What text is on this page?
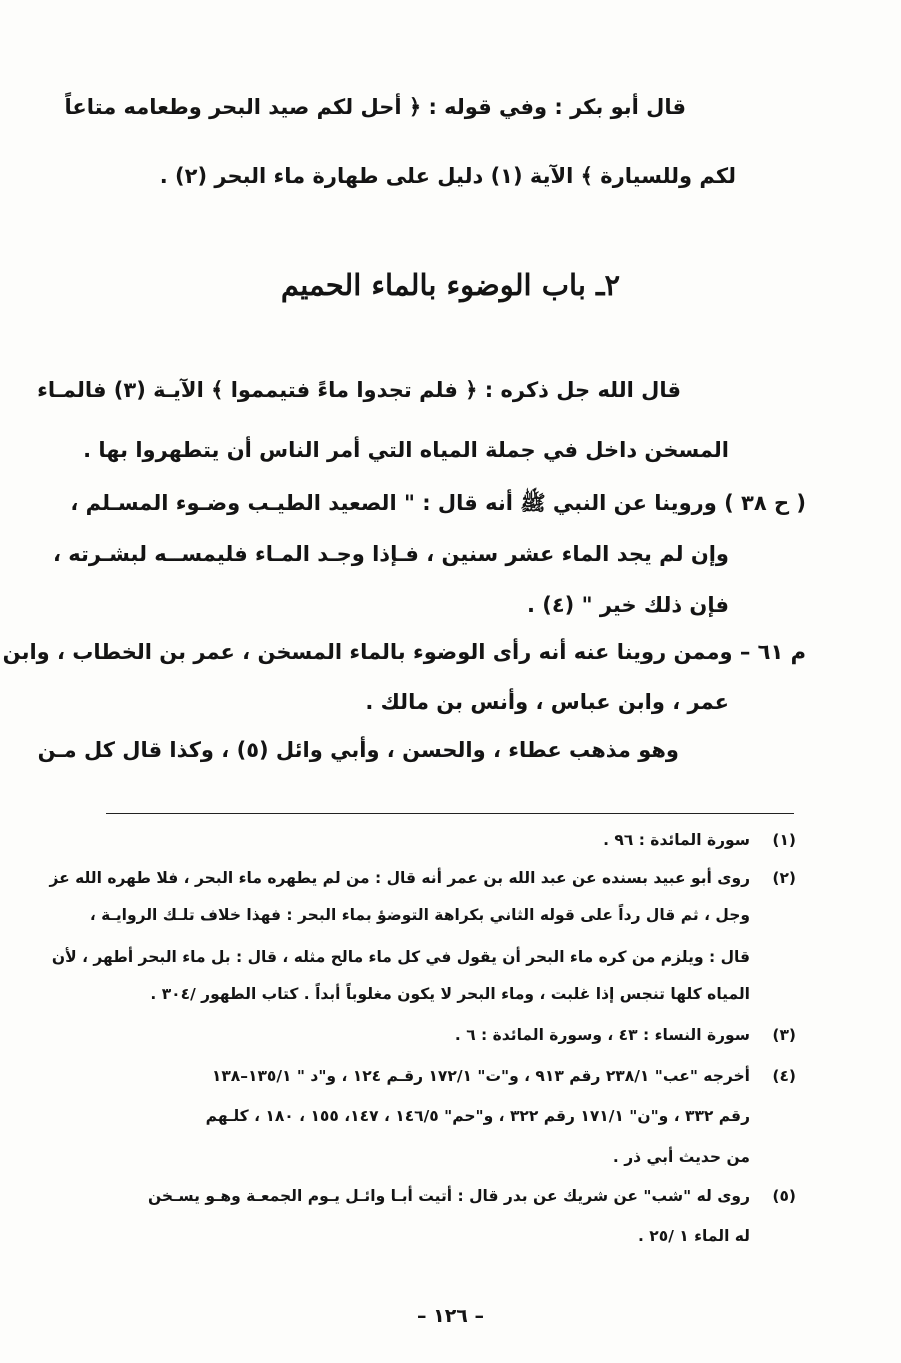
قال أبو بكر : وفي قوله : ﴿ أحل لكم صيد البحر وطعامه متاعاً
لكم وللسيارة ﴾ الآية (١) دليل على طهارة ماء البحر (٢) .
٢ـ باب الوضوء بالماء الحميم
قال الله جل ذكره : ﴿ فلم تجدوا ماءً فتيمموا ﴾ الآيـة (٣) فالمـاء
المسخن داخل في جملة المياه التي أمر الناس أن يتطهروا بها .
( ح ٣٨ ) وروينا عن النبي ﷺ أنه قال : " الصعيد الطيـب وضـوء المسـلم ،
وإن لم يجد الماء عشر سنين ، فـإذا وجـد المـاء فليمســه لبشـرته ،
فإن ذلك خير " (٤) .
م ٦١ – وممن روينا عنه أنه رأى الوضوء بالماء المسخن ، عمر بن الخطاب ، وابن
عمر ، وابن عباس ، وأنس بن مالك .
وهو مذهب عطاء ، والحسن ، وأبي وائل (٥) ، وكذا قال كل مـن
(١)سورة المائدة : ٩٦ .
(٢)روى أبو عبيد بسنده عن عبد الله بن عمر أنه قال : من لم يطهره ماء البحر ، فلا طهره الله عز
وجل ، ثم قال رداً على قوله الثاني بكراهة التوضؤ بماء البحر : فهذا خلاف تلـك الروايـة ،
قال : ويلزم من كره ماء البحر أن يقول في كل ماء مالح مثله ، قال : بل ماء البحر أطهر ، لأن
المياه كلها تنجس إذا غلبت ، وماء البحر لا يكون مغلوباً أبداً . كتاب الطهور /٣٠٤ .
(٣)سورة النساء : ٤٣ ، وسورة المائدة : ٦ .
(٤)أخرجه "عب" ٢٣٨/١ رقم ٩١٣ ، و"ت" ١٧٢/١ رقـم ١٢٤ ، و"د " ١٣٥/١–١٣٨
رقم ٣٣٢ ، و"ن" ١٧١/١ رقم ٣٢٢ ، و"حم" ١٤٦/٥ ، ١٤٧، ١٥٥ ، ١٨٠ ، كلـهم
من حديث أبي ذر .
(٥)روى له "شب" عن شريك عن بدر قال : أتيت أبـا وائـل يـوم الجمعـة وهـو يسـخن
له الماء ١ /٢٥ .
– ١٢٦ –
